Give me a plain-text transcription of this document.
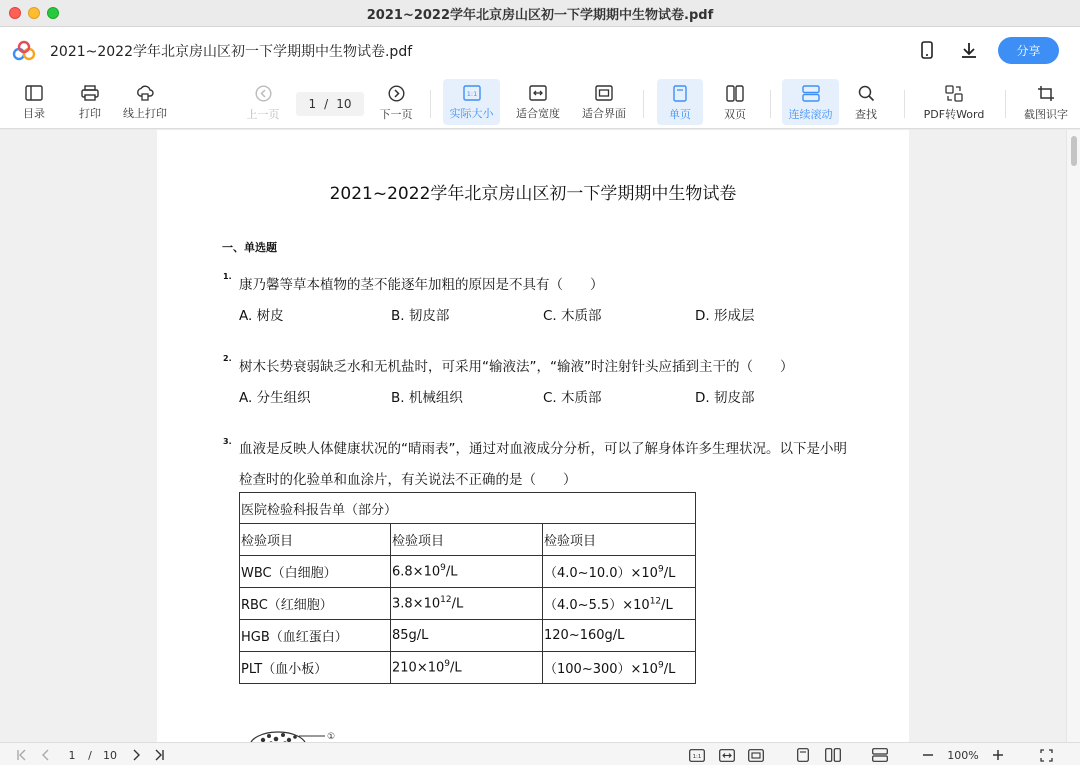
2021~2022学年北京房山区初一下学期期中生物试卷.pdf
2021~2022学年北京房山区初一下学期期中生物试卷.pdf	分享
目录	打印 线上打印	上一页
1 / 10
下一页
1:1
实际大小 适合宽度 适合界面	单页	双页	连续滚动 查找	PDF转Word	截图识字
2021~2022学年北京房山区初一下学期期中生物试卷
一、单选题
1.
康乃馨等草本植物的茎不能逐年加粗的原因是不具有（　　）
A. 树皮	B. 韧皮部	C. 木质部	D. 形成层
2.
树木长势衰弱缺乏水和无机盐时，可采用“输液法”，“输液”时注射针头应插到主干的（　　）
A. 分生组织	B. 机械组织	C. 木质部	D. 韧皮部
3. 血液是反映人体健康状况的“晴雨表”，通过对血液成分分析，可以了解身体许多生理状况。以下是小明
检查时的化验单和血涂片，有关说法不正确的是（　　）
医院检验科报告单（部分）		
检验项目	检验项目	检验项目
WBC（白细胞）	$6.8\times 10^9/L$	$(4.0\sim 10.0)\times 10^9/L$
RBC（红细胞）	$3.8\times 10^{12}/L$	$(4.0\sim 5.5)\times 10^{12}/L$
HGB（血红蛋白）	85g/L	120~160g/L
PLT（血小板）	$210\times 10^9/L$	$(100\sim 300)\times 10^9/L$
①
1	/	10	1:1	100%
